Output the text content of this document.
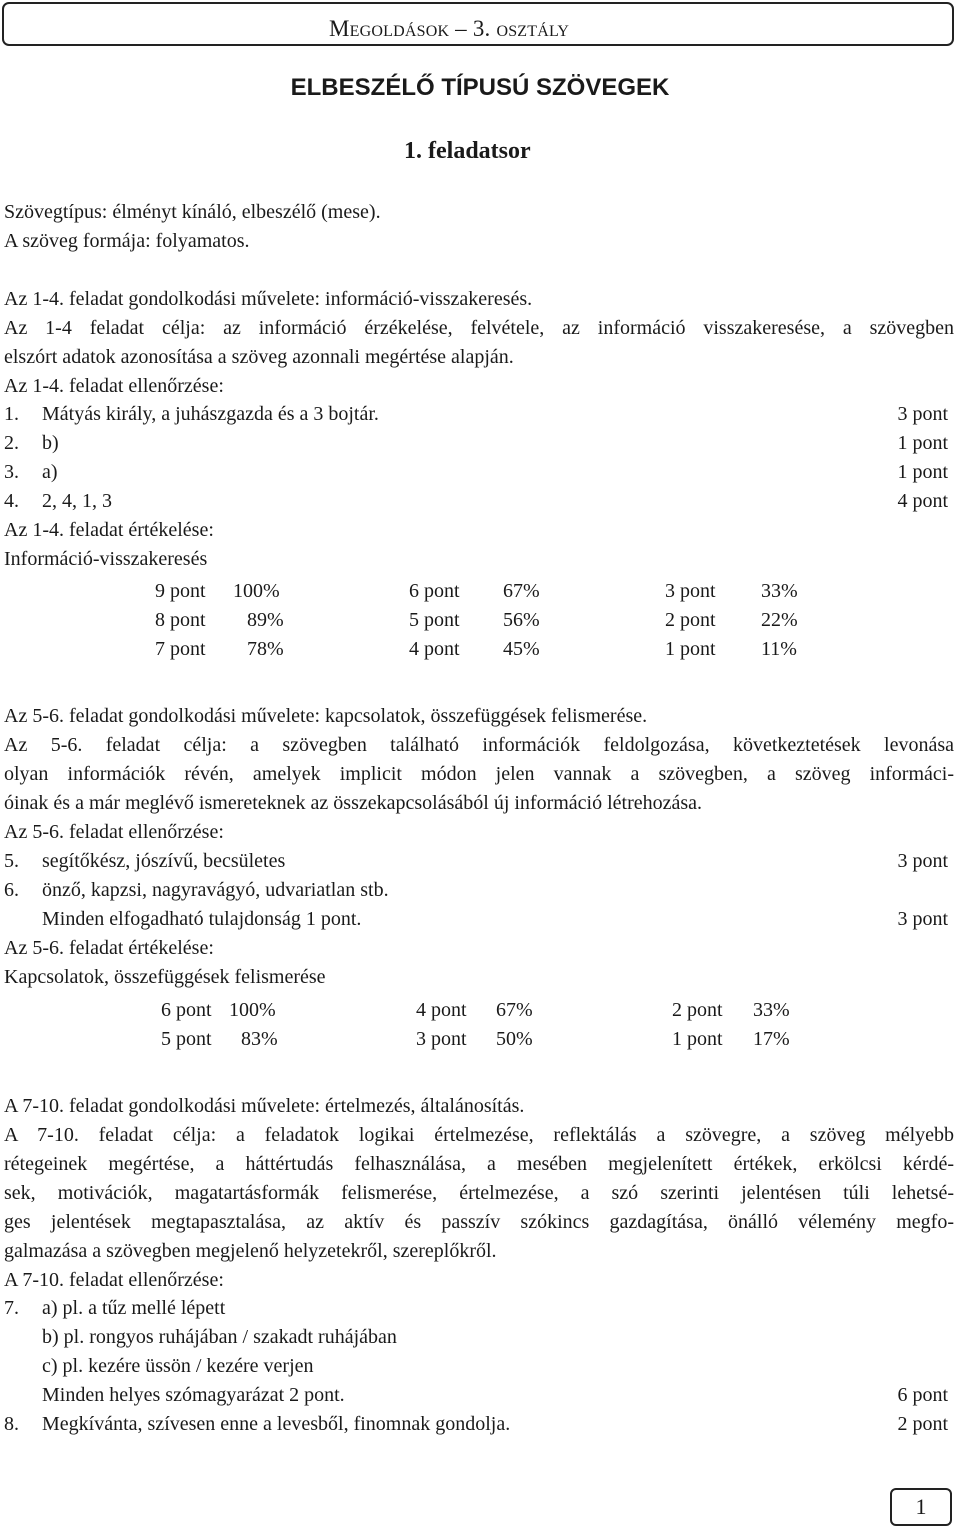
MEGOLDÁSOK – 3. OSZTÁLY
ELBESZÉLŐ TÍPUSÚ SZÖVEGEK
1. feladatsor
Szövegtípus: élményt kínáló, elbeszélő (mese).
A szöveg formája: folyamatos.
Az 1-4. feladat gondolkodási művelete: információ-visszakeresés.
Az 1-4 feladat célja: az információ érzékelése, felvétele, az információ visszakeresése, a szövegben
elszórt adatok azonosítása a szöveg azonnali megértése alapján.
Az 1-4. feladat ellenőrzése:
1. Mátyás király, a juhászgazda és a 3 bojtár.	3 pont
2. b)	1 pont
3. a)	1 pont
4. 2, 4, 1, 3	4 pont
Az 1-4. feladat értékelése:
Információ-visszakeresés
9 pont 100%	6 pont 67%	3 pont 33%
8 pont 89%	5 pont 56%	2 pont 22%
7 pont 78%	4 pont 45%	1 pont 11%
Az 5-6. feladat gondolkodási művelete: kapcsolatok, összefüggések felismerése.
Az 5-6. feladat célja: a szövegben található információk feldolgozása, következtetések levonása
olyan információk révén, amelyek implicit módon jelen vannak a szövegben, a szöveg informáci-
óinak és a már meglévő ismereteknek az összekapcsolásából új információ létrehozása.
Az 5-6. feladat ellenőrzése:
5. segítőkész, jószívű, becsületes	3 pont
6. önző, kapzsi, nagyravágyó, udvariatlan stb.
Minden elfogadható tulajdonság 1 pont.	3 pont
Az 5-6. feladat értékelése:
Kapcsolatok, összefüggések felismerése
6 pont 100%	4 pont 67%	2 pont 33%
5 pont 83%	3 pont 50%	1 pont 17%
A 7-10. feladat gondolkodási művelete: értelmezés, általánosítás.
A 7-10. feladat célja: a feladatok logikai értelmezése, reflektálás a szövegre, a szöveg mélyebb
rétegeinek megértése, a háttértudás felhasználása, a mesében megjelenített értékek, erkölcsi kérdé-
sek, motivációk, magatartásformák felismerése, értelmezése, a szó szerinti jelentésen túli lehetsé-
ges jelentések megtapasztalása, az aktív és passzív szókincs gazdagítása, önálló vélemény megfo-
galmazása a szövegben megjelenő helyzetekről, szereplőkről.
A 7-10. feladat ellenőrzése:
7. a) pl. a tűz mellé lépett
b) pl. rongyos ruhájában / szakadt ruhájában
c) pl. kezére üssön / kezére verjen
Minden helyes szómagyarázat 2 pont.	6 pont
8. Megkívánta, szívesen enne a levesből, finomnak gondolja.	2 pont
1
